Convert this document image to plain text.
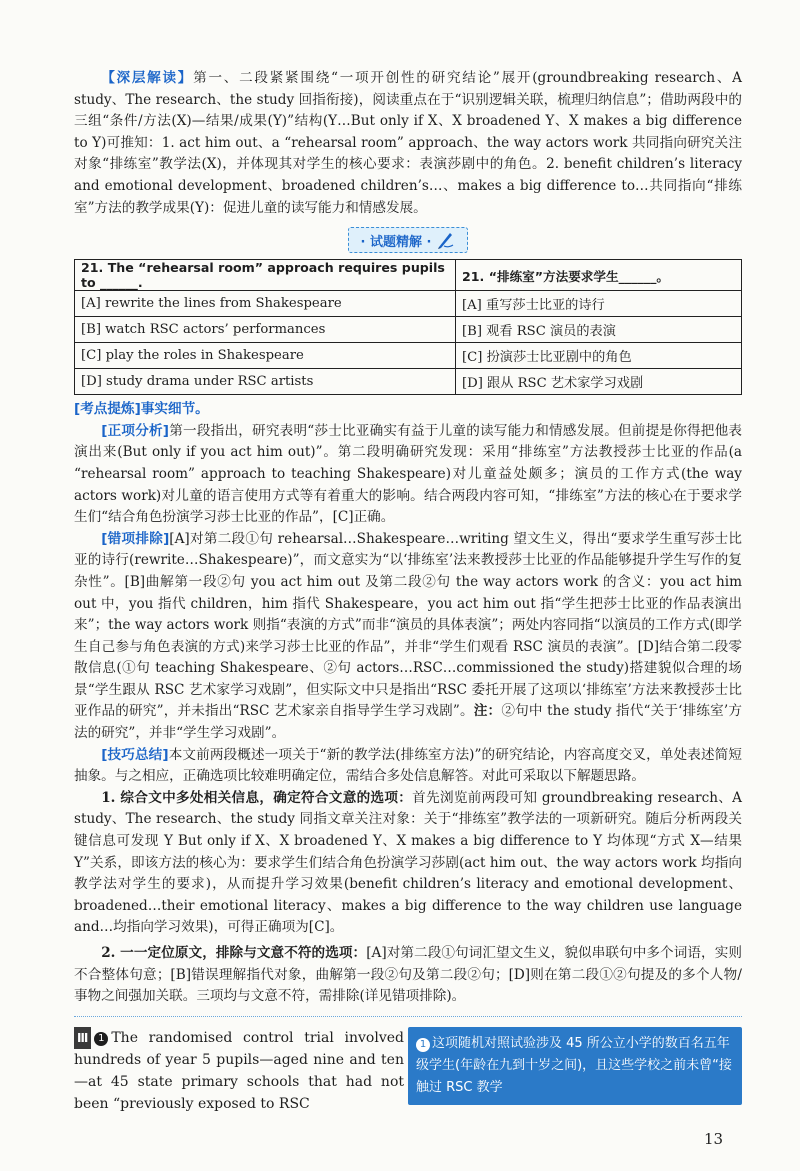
【深层解读】第一、二段紧紧围绕“一项开创性的研究结论”展开(groundbreaking research、A study、The research、the study 回指衔接)，阅读重点在于“识别逻辑关联，梳理归纳信息”；借助两段中的三组“条件/方法(X)—结果/成果(Y)”结构(Y…But only if X、X broadened Y、X makes a big difference to Y)可推知：1. act him out、a “rehearsal room” approach、the way actors work 共同指向研究关注对象“排练室”教学法(X)，并体现其对学生的核心要求：表演莎剧中的角色。2. benefit children’s literacy and emotional development、broadened children’s…、makes a big difference to…共同指向“排练室”方法的教学成果(Y)：促进儿童的读写能力和情感发展。

· 试题精解 ·
21. The “rehearsal room” approach requires pupils to ______.	21. “排练室”方法要求学生______。
[A] rewrite the lines from Shakespeare	[A] 重写莎士比亚的诗行
[B] watch RSC actors’ performances	[B] 观看 RSC 演员的表演
[C] play the roles in Shakespeare	[C] 扮演莎士比亚剧中的角色
[D] study drama under RSC artists	[D] 跟从 RSC 艺术家学习戏剧

[考点提炼]事实细节。

[正项分析]第一段指出，研究表明“莎士比亚确实有益于儿童的读写能力和情感发展。但前提是你得把他表演出来(But only if you act him out)”。第二段明确研究发现：采用“排练室”方法教授莎士比亚的作品(a “rehearsal room” approach to teaching Shakespeare)对儿童益处颇多；演员的工作方式(the way actors work)对儿童的语言使用方式等有着重大的影响。结合两段内容可知，“排练室”方法的核心在于要求学生们“结合角色扮演学习莎士比亚的作品”，[C]正确。

[错项排除][A]对第二段①句 rehearsal…Shakespeare…writing 望文生义，得出“要求学生重写莎士比亚的诗行(rewrite…Shakespeare)”，而文意实为“以‘排练室’法来教授莎士比亚的作品能够提升学生写作的复杂性”。[B]曲解第一段②句 you act him out 及第二段②句 the way actors work 的含义：you act him out 中，you 指代 children，him 指代 Shakespeare，you act him out 指“学生把莎士比亚的作品表演出来”；the way actors work 则指“表演的方式”而非“演员的具体表演”；两处内容同指“以演员的工作方式(即学生自己参与角色表演的方式)来学习莎士比亚的作品”，并非“学生们观看 RSC 演员的表演”。[D]结合第二段零散信息(①句 teaching Shakespeare、②句 actors…RSC…commissioned the study)搭建貌似合理的场景“学生跟从 RSC 艺术家学习戏剧”，但实际文中只是指出“RSC 委托开展了这项以‘排练室’方法来教授莎士比亚作品的研究”，并未指出“RSC 艺术家亲自指导学生学习戏剧”。注：②句中 the study 指代“关于‘排练室’方法的研究”，并非“学生学习戏剧”。

[技巧总结]本文前两段概述一项关于“新的教学法(排练室方法)”的研究结论，内容高度交叉，单处表述简短抽象。与之相应，正确选项比较难明确定位，需结合多处信息解答。对此可采取以下解题思路。

1. 综合文中多处相关信息，确定符合文意的选项：首先浏览前两段可知 groundbreaking research、A study、The research、the study 同指文章关注对象：关于“排练室”教学法的一项新研究。随后分析两段关键信息可发现 Y But only if X、X broadened Y、X makes a big difference to Y 均体现“方式 X—结果 Y”关系，即该方法的核心为：要求学生们结合角色扮演学习莎剧(act him out、the way actors work 均指向教学法对学生的要求)，从而提升学习效果(benefit children’s literacy and emotional development、broadened…their emotional literacy、makes a big difference to the way children use language and…均指向学习效果)，可得正确项为[C]。

2. 一一定位原文，排除与文意不符的选项：[A]对第二段①句词汇望文生义，貌似串联句中多个词语，实则不合整体句意；[B]错误理解指代对象，曲解第一段②句及第二段②句；[D]则在第二段①②句提及的多个人物/事物之间强加关联。三项均与文意不符，需排除(详见错项排除)。

Ⅲ 1 The randomised control trial involved hundreds of year 5 pupils—aged nine and ten—at 45 state primary schools that had not been “previously exposed to RSC

1 这项随机对照试验涉及 45 所公立小学的数百名五年级学生(年龄在九到十岁之间)，且这些学校之前未曾“接触过 RSC 教学
13
